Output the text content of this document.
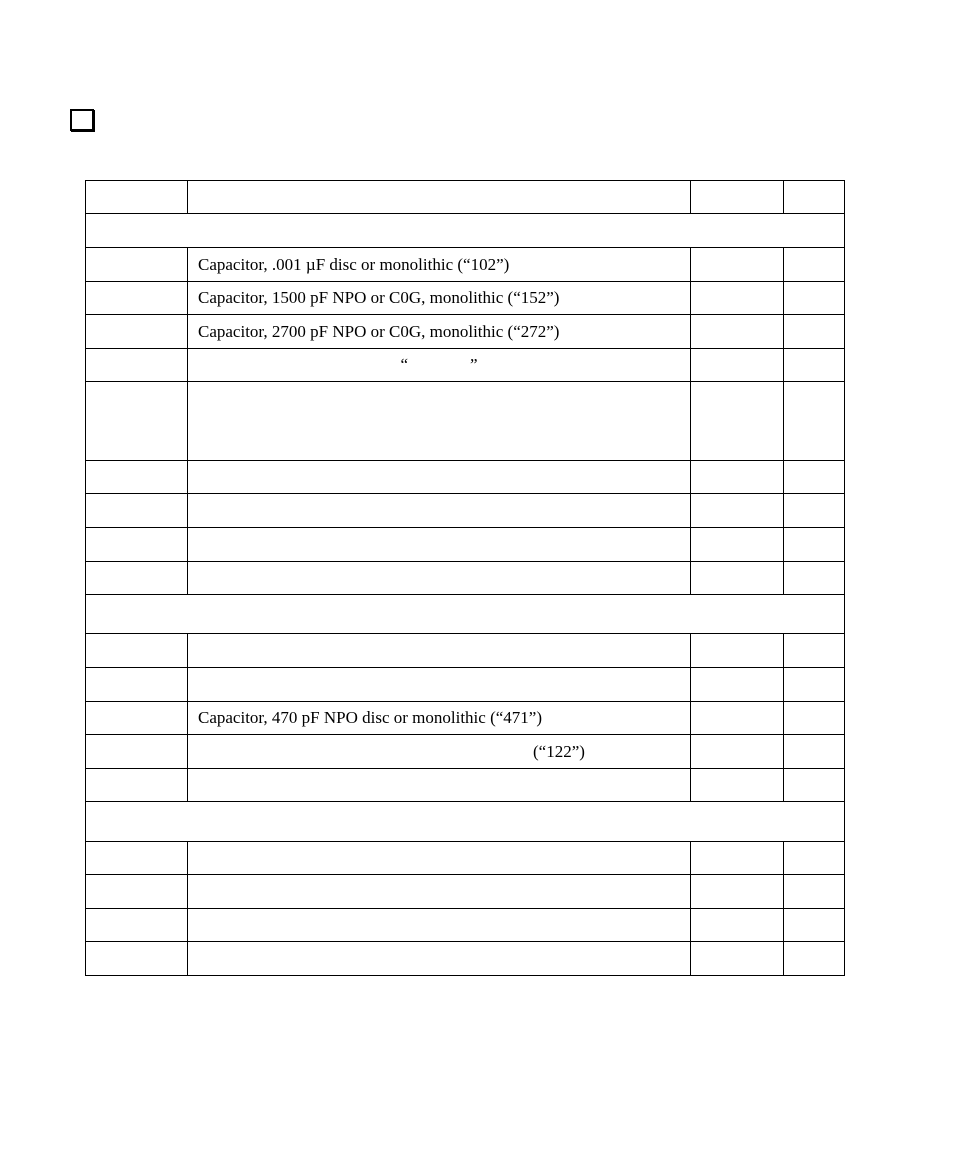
	Capacitor, .001 µF disc or monolithic (“102”)		
	Capacitor, 1500 pF NPO or C0G, monolithic (“152”)		
	Capacitor, 2700 pF NPO or C0G, monolithic (“272”)		

	“ ”		

	Capacitor, 470 pF NPO disc or monolithic (“471”)		

	(“122”)		
